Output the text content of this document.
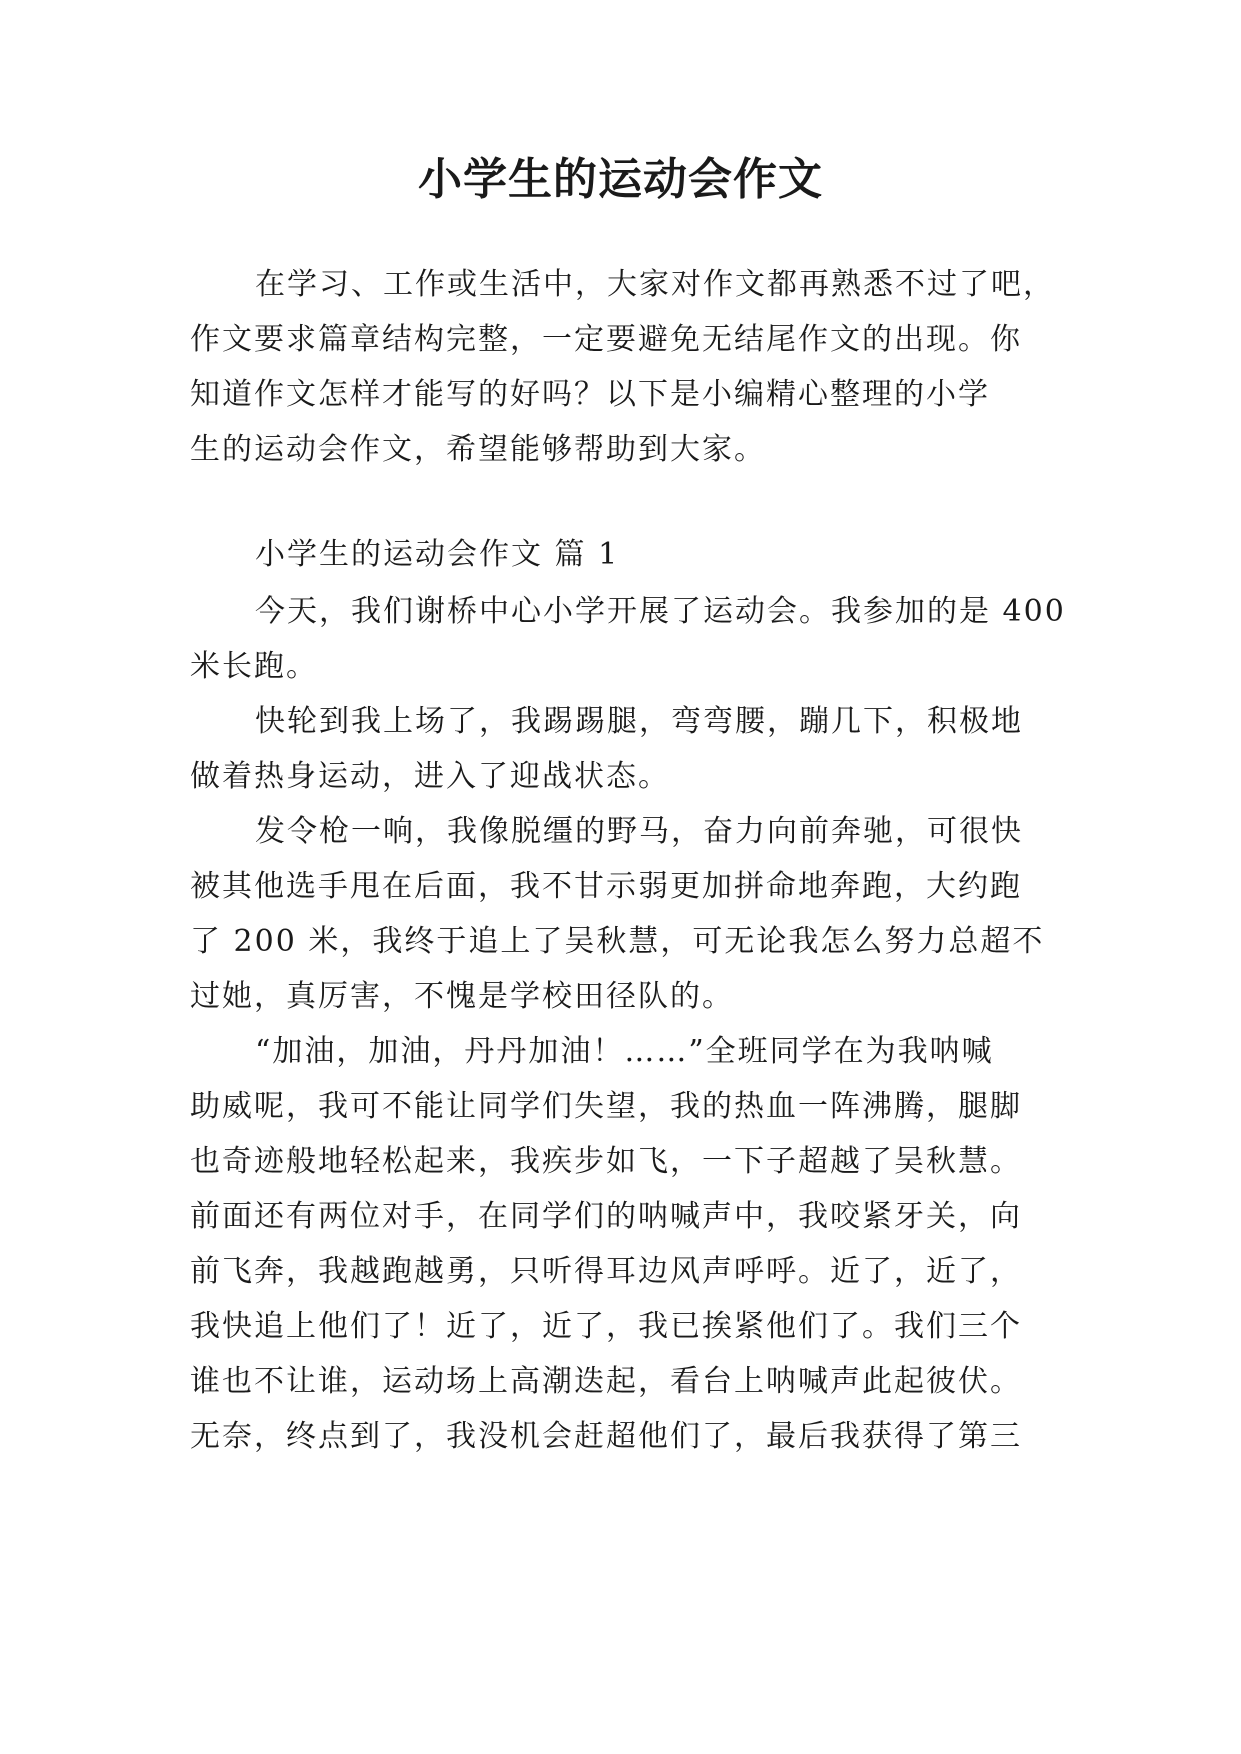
小学生的运动会作文
在学习、工作或生活中，大家对作文都再熟悉不过了吧，
作文要求篇章结构完整，一定要避免无结尾作文的出现。你
知道作文怎样才能写的好吗？以下是小编精心整理的小学
生的运动会作文，希望能够帮助到大家。
小学生的运动会作文 篇 1
今天，我们谢桥中心小学开展了运动会。我参加的是 400
米长跑。
快轮到我上场了，我踢踢腿，弯弯腰，蹦几下，积极地
做着热身运动，进入了迎战状态。
发令枪一响，我像脱缰的野马，奋力向前奔驰，可很快
被其他选手甩在后面，我不甘示弱更加拼命地奔跑，大约跑
了 200 米，我终于追上了吴秋慧，可无论我怎么努力总超不
过她，真厉害，不愧是学校田径队的。
“加油，加油，丹丹加油！……”全班同学在为我呐喊
助威呢，我可不能让同学们失望，我的热血一阵沸腾，腿脚
也奇迹般地轻松起来，我疾步如飞，一下子超越了吴秋慧。
前面还有两位对手，在同学们的呐喊声中，我咬紧牙关，向
前飞奔，我越跑越勇，只听得耳边风声呼呼。近了，近了，
我快追上他们了！近了，近了，我已挨紧他们了。我们三个
谁也不让谁，运动场上高潮迭起，看台上呐喊声此起彼伏。
无奈，终点到了，我没机会赶超他们了，最后我获得了第三
